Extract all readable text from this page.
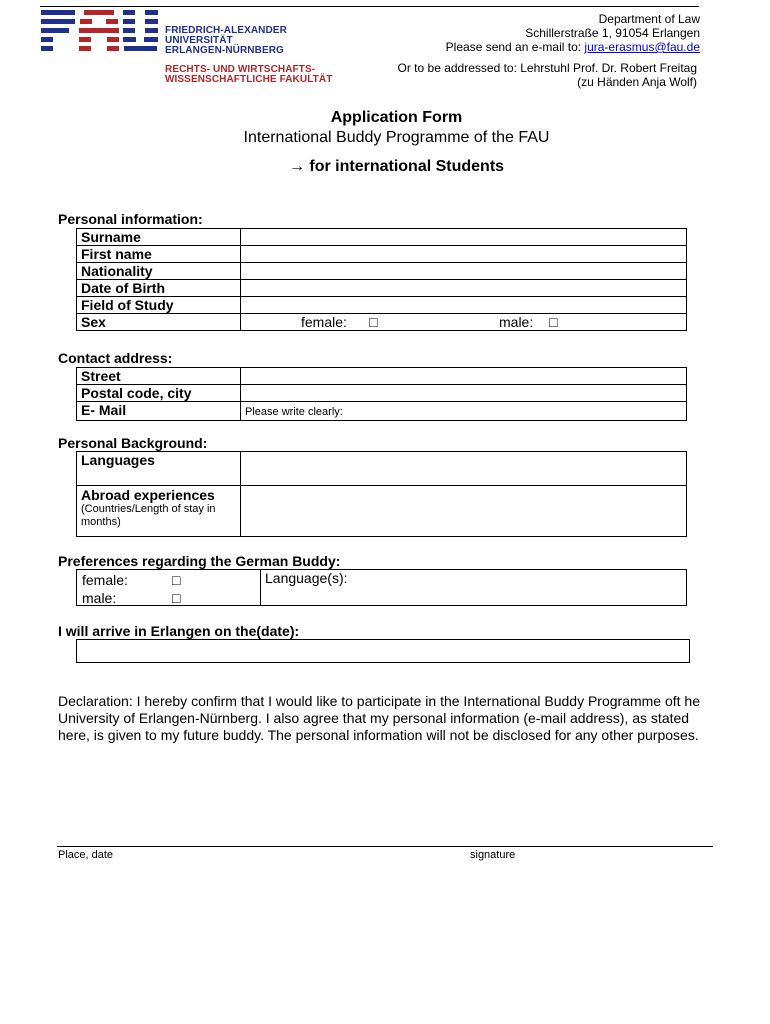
FRIEDRICH-ALEXANDER
UNIVERSITÄT
ERLANGEN-NÜRNBERG
RECHTS- UND WIRTSCHAFTS-
WISSENSCHAFTLICHE FAKULTÄT
Department of Law
Schillerstraße 1, 91054 Erlangen
Please send an e-mail to: jura-erasmus@fau.de
Or to be addressed to: Lehrstuhl Prof. Dr. Robert Freitag
(zu Händen Anja Wolf)
Application Form
International Buddy Programme of the FAU
→ for international Students
Personal information:
Surname	
First name	
Nationality	
Date of Birth	
Field of Study	
Sex	female: □ male: □
Contact address:
Street	
Postal code, city	
E- Mail	Please write clearly:
Personal Background:
Languages	
Abroad experiences
(Countries/Length of stay in months)	

Preferences regarding the German Buddy:
female:	□
male:	□
Language(s):
I will arrive in Erlangen on the(date):
Declaration: I hereby confirm that I would like to participate in the International Buddy Programme oft he University of Erlangen-Nürnberg. I also agree that my personal information (e-mail address), as stated here, is given to my future buddy. The personal information will not be disclosed for any other purposes.
Place, date	signature
